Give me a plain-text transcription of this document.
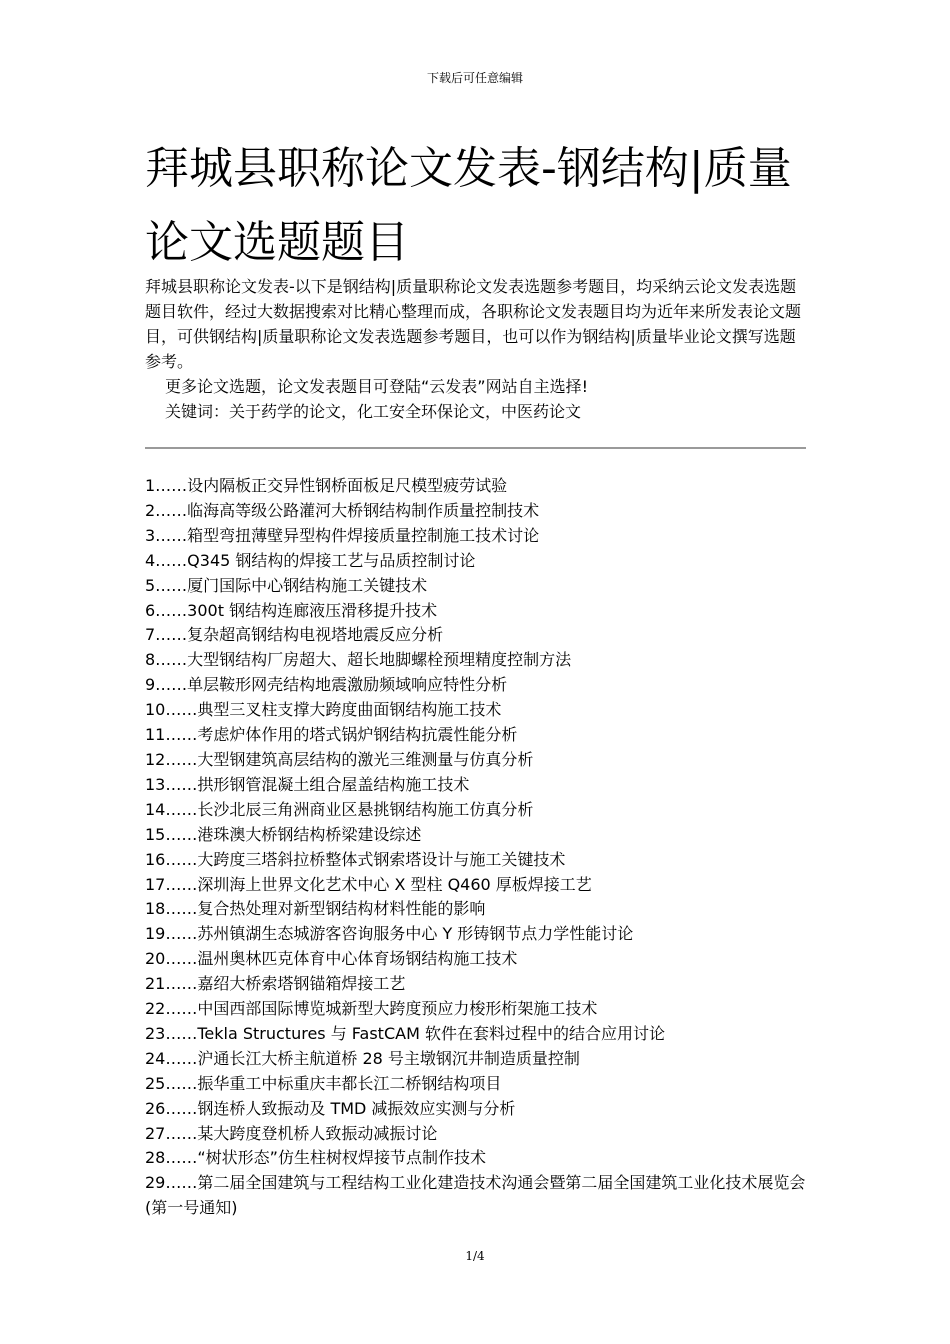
下载后可任意编辑
拜城县职称论文发表-钢结构|质量论文选题题目

拜城县职称论文发表-以下是钢结构|质量职称论文发表选题参考题目，均采纳云论文发表选题题目软件，经过大数据搜索对比精心整理而成，各职称论文发表题目均为近年来所发表论文题目，可供钢结构|质量职称论文发表选题参考题目，也可以作为钢结构|质量毕业论文撰写选题参考。

更多论文选题，论文发表题目可登陆“云发表”网站自主选择!

关键词：关于药学的论文，化工安全环保论文，中医药论文

1……设内隔板正交异性钢桥面板足尺模型疲劳试验
2……临海高等级公路灌河大桥钢结构制作质量控制技术
3……箱型弯扭薄壁异型构件焊接质量控制施工技术讨论
4……Q345 钢结构的焊接工艺与品质控制讨论
5……厦门国际中心钢结构施工关键技术
6……300t 钢结构连廊液压滑移提升技术
7……复杂超高钢结构电视塔地震反应分析
8……大型钢结构厂房超大、超长地脚螺栓预埋精度控制方法
9……单层鞍形网壳结构地震激励频域响应特性分析
10……典型三叉柱支撑大跨度曲面钢结构施工技术
11……考虑炉体作用的塔式锅炉钢结构抗震性能分析
12……大型钢建筑高层结构的激光三维测量与仿真分析
13……拱形钢管混凝土组合屋盖结构施工技术
14……长沙北辰三角洲商业区悬挑钢结构施工仿真分析
15……港珠澳大桥钢结构桥梁建设综述
16……大跨度三塔斜拉桥整体式钢索塔设计与施工关键技术
17……深圳海上世界文化艺术中心 X 型柱 Q460 厚板焊接工艺
18……复合热处理对新型钢结构材料性能的影响
19……苏州镇湖生态城游客咨询服务中心 Y 形铸钢节点力学性能讨论
20……温州奥林匹克体育中心体育场钢结构施工技术
21……嘉绍大桥索塔钢锚箱焊接工艺
22……中国西部国际博览城新型大跨度预应力梭形桁架施工技术
23……Tekla Structures 与 FastCAM 软件在套料过程中的结合应用讨论
24……沪通长江大桥主航道桥 28 号主墩钢沉井制造质量控制
25……振华重工中标重庆丰都长江二桥钢结构项目
26……钢连桥人致振动及 TMD 减振效应实测与分析
27……某大跨度登机桥人致振动减振讨论
28……“树状形态”仿生柱树杈焊接节点制作技术
29……第二届全国建筑与工程结构工业化建造技术沟通会暨第二届全国建筑工业化技术展览会(第一号通知)
1/4
